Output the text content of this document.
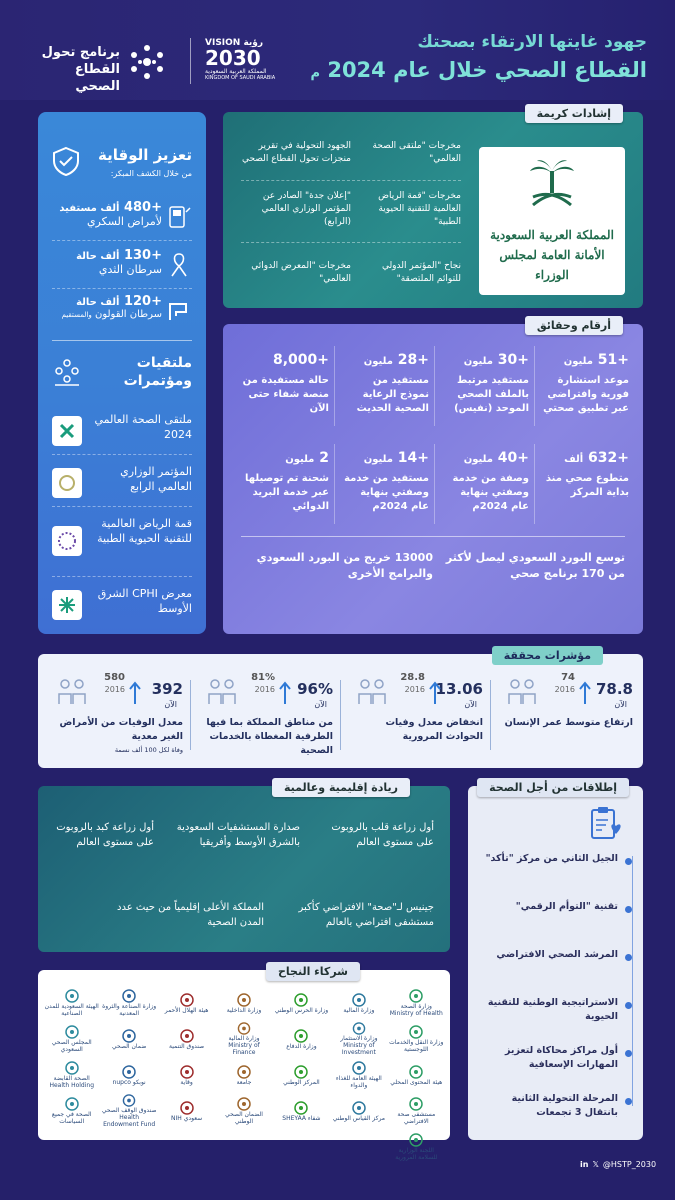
جهود غايتها الارتقاء بصحتك
القطاع الصحي خلال عام 2024 م
VISION رؤية
2030
المملكة العربية السعودية
KINGDOM OF SAUDI ARABIA
برنامج تحول
القطاع الصحي
إشادات كريمة
المملكة العربية السعودية
الأمانة العامة لمجلس الوزراء
مخرجات "ملتقى الصحة العالمي"
الجهود التحولية في تقرير منجزات تحول القطاع الصحي
مخرجات "قمة الرياض العالمية للتقنية الحيوية الطبية"
"إعلان جدة" الصادر عن المؤتمر الوزاري العالمي (الرابع)
نجاح "المؤتمر الدولي للتوائم الملتصقة"
مخرجات "المعرض الدوائي العالمي"
تعزيز الوقاية
من خلال الكشف المبكر:
+480 ألف مستفيد
لأمراض السكري
+130 ألف حالة
سرطان الثدي
+120 ألف حالة
سرطان القولون والمستقيم
ملتقيات
ومؤتمرات
ملتقى الصحة العالمي 2024
المؤتمر الوزاري العالمي الرابع
قمة الرياض العالمية للتقنية الحيوية الطبية
معرض CPHI الشرق الأوسط
أرقام وحقائق
توسع البورد السعودي ليصل لأكثر من 170 برنامج صحي
13000 خريج من البورد السعودي والبرامج الأخرى
+51 مليون
موعد استشارة فورية وافتراضي عبر تطبيق صحتي
+30 مليون
مستفيد مرتبط بالملف الصحي الموحد (نفيس)
+28 مليون
مستفيد من نموذج الرعاية الصحية الحديث
+8,000
حالة مستفيدة من منصة شفاء حتى الآن
+632 ألف
متطوع صحي منذ بداية المركز
+40 مليون
وصفة من خدمة وصفتي بنهاية عام 2024م
+14 مليون
مستفيد من خدمة وصفتي بنهاية عام 2024م
2 مليون
شحنة تم توصيلها عبر خدمة البريد الدوائي
مؤشرات محققة
78.8
الآن
74
2016
ارتفاع متوسط عمر الإنسان
13.06
الآن
28.8
2016
انخفاض معدل وفيات الحوادث المرورية
96%
الآن
81%
2016
من مناطق المملكة بما فيها الطرفية المغطاة بالخدمات الصحية
392
الآن
580
2016
معدل الوفيات من الأمراض الغير معدية
وفاة لكل 100 ألف نسمة
ريادة إقليمية وعالمية
أول زراعة قلب بالروبوت على مستوى العالم
صدارة المستشفيات السعودية بالشرق الأوسط وأفريقيا
أول زراعة كبد بالروبوت على مستوى العالم
جينيس لـ"صحة" الافتراضي كأكبر مستشفى افتراضي بالعالم
المملكة الأعلى إقليمياً من حيث عدد المدن الصحية
شركاء النجاح
وزارة الصحة Ministry of Health
وزارة المالية
وزارة الحرس الوطني
وزارة الداخلية
هيئة الهلال الأحمر
وزارة الصناعة والثروة المعدنية
الهيئة السعودية للمدن الصناعية
وزارة النقل والخدمات اللوجستية
وزارة الاستثمار Ministry of Investment
وزارة الدفاع
وزارة المالية Ministry of Finance
صندوق التنمية
ضمان الصحي
المجلس الصحي السعودي
هيئة المحتوى المحلي
الهيئة العامة للغذاء والدواء
المركز الوطني
جامعة
وقاية
نوبكو nupco
الصحة القابضة Health Holding
مستشفى صحة الافتراضي
مركز القياس الوطني
شفاء SHEYAA
الضمان الصحي الوطني
سعودي NIH
صندوق الوقف الصحي Health Endowment Fund
الصحة في جميع السياسات
اللجنة الوزارية للسلامة المرورية
إطلاقات من أجل الصحة
الجيل الثاني من مركز "تأكد"
تقنية "التوأم الرقمي"
المرشد الصحي الافتراضي
الاستراتيجية الوطنية للتقنية الحيوية
أول مراكز محاكاة لتعزيز المهارات الإسعافية
المرحلة التحولية الثانية بانتقال 3 تجمعات
in 𝕏 @HSTP_2030
